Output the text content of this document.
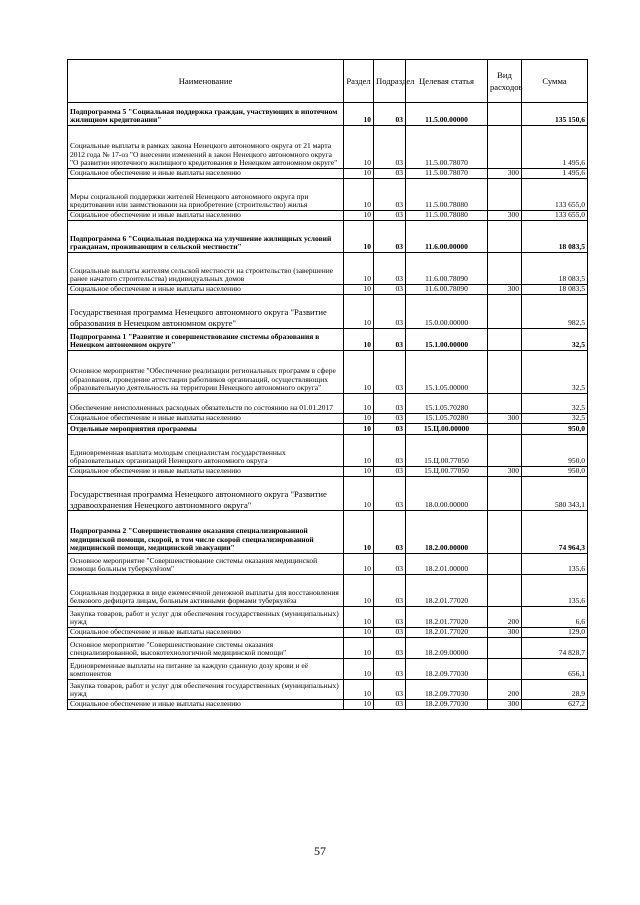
Наименование	Раздел	Подраздел	Целевая статья	Вид расходов	Сумма
Подпрограмма 5 "Социальная поддержка граждан, участвующих в ипотечном жилищном кредитовании"	10	03	11.5.00.00000		135 150,6
Социальные выплаты в рамках закона Ненецкого автономного округа от 21 марта 2012 года № 17-оз "О внесении изменений в закон Ненецкого автономного округа "О развитии ипотечного жилищного кредитования в Ненецком автономном округе"	10	03	11.5.00.78070		1 495,6
Социальное обеспечение и иные выплаты населению	10	03	11.5.00.78070	300	1 495,6
Меры социальной поддержки жителей Ненецкого автономного округа при кредитовании или заимствовании на приобретение (строительство) жилья	10	03	11.5.00.78080		133 655,0
Социальное обеспечение и иные выплаты населению	10	03	11.5.00.78080	300	133 655,0
Подпрограмма 6 "Социальная поддержка на улучшение жилищных условий гражданам, проживающим в сельской местности"	10	03	11.6.00.00000		18 083,5
Социальные выплаты жителям сельской местности на строительство (завершение ранее начатого строительства) индивидуальных домов	10	03	11.6.00.78090		18 083,5
Социальное обеспечение и иные выплаты населению	10	03	11.6.00.78090	300	18 083,5
Государственная программа Ненецкого автономного округа "Развитие образования в Ненецком автономном округе"	10	03	15.0.00.00000		982,5
Подпрограмма 1 "Развитие и совершенствование системы образования в Ненецком автономном округе"	10	03	15.1.00.00000		32,5
Основное мероприятие "Обеспечение реализации региональных программ в сфере образования, проведение аттестации работников организаций, осуществляющих образовательную деятельность на территории Ненецкого автономного округа"	10	03	15.1.05.00000		32,5
Обеспечение неисполненных расходных обязательств по состоянию на 01.01.2017	10	03	15.1.05.70280		32,5
Социальное обеспечение и иные выплаты населению	10	03	15.1.05.70280	300	32,5
Отдельные мероприятия программы	10	03	15.Ц.00.00000		950,0
Единовременная выплата молодым специалистам государственных образовательных организаций Ненецкого автономного округа	10	03	15.Ц.00.77050		950,0
Социальное обеспечение и иные выплаты населению	10	03	15.Ц.00.77050	300	950,0
Государственная программа Ненецкого автономного округа "Развитие здравоохранения Ненецкого автономного округа"	10	03	18.0.00.00000		580 343,1
Подпрограмма 2 "Совершенствование оказания специализированной медицинской помощи, скорой, в том числе скорой специализированной медицинской помощи, медицинской эвакуации"	10	03	18.2.00.00000		74 964,3
Основное мероприятие "Совершенствование системы оказания медицинской помощи больным туберкулёзом"	10	03	18.2.01.00000		135,6
Социальная поддержка в виде ежемесячной денежной выплаты для восстановления белкового дефицита лицам, больным активными формами туберкулёза	10	03	18.2.01.77020		135,6
Закупка товаров, работ и услуг для обеспечения государственных (муниципальных) нужд	10	03	18.2.01.77020	200	6,6
Социальное обеспечение и иные выплаты населению	10	03	18.2.01.77020	300	129,0
Основное мероприятие "Совершенствование системы оказания специализированной, высокотехнологичной медицинской помощи"	10	03	18.2.09.00000		74 828,7
Единовременные выплаты на питание за каждую сданную дозу крови и её компонентов	10	03	18.2.09.77030		656,1
Закупка товаров, работ и услуг для обеспечения государственных (муниципальных) нужд	10	03	18.2.09.77030	200	28,9
Социальное обеспечение и иные выплаты населению	10	03	18.2.09.77030	300	627,2
57
